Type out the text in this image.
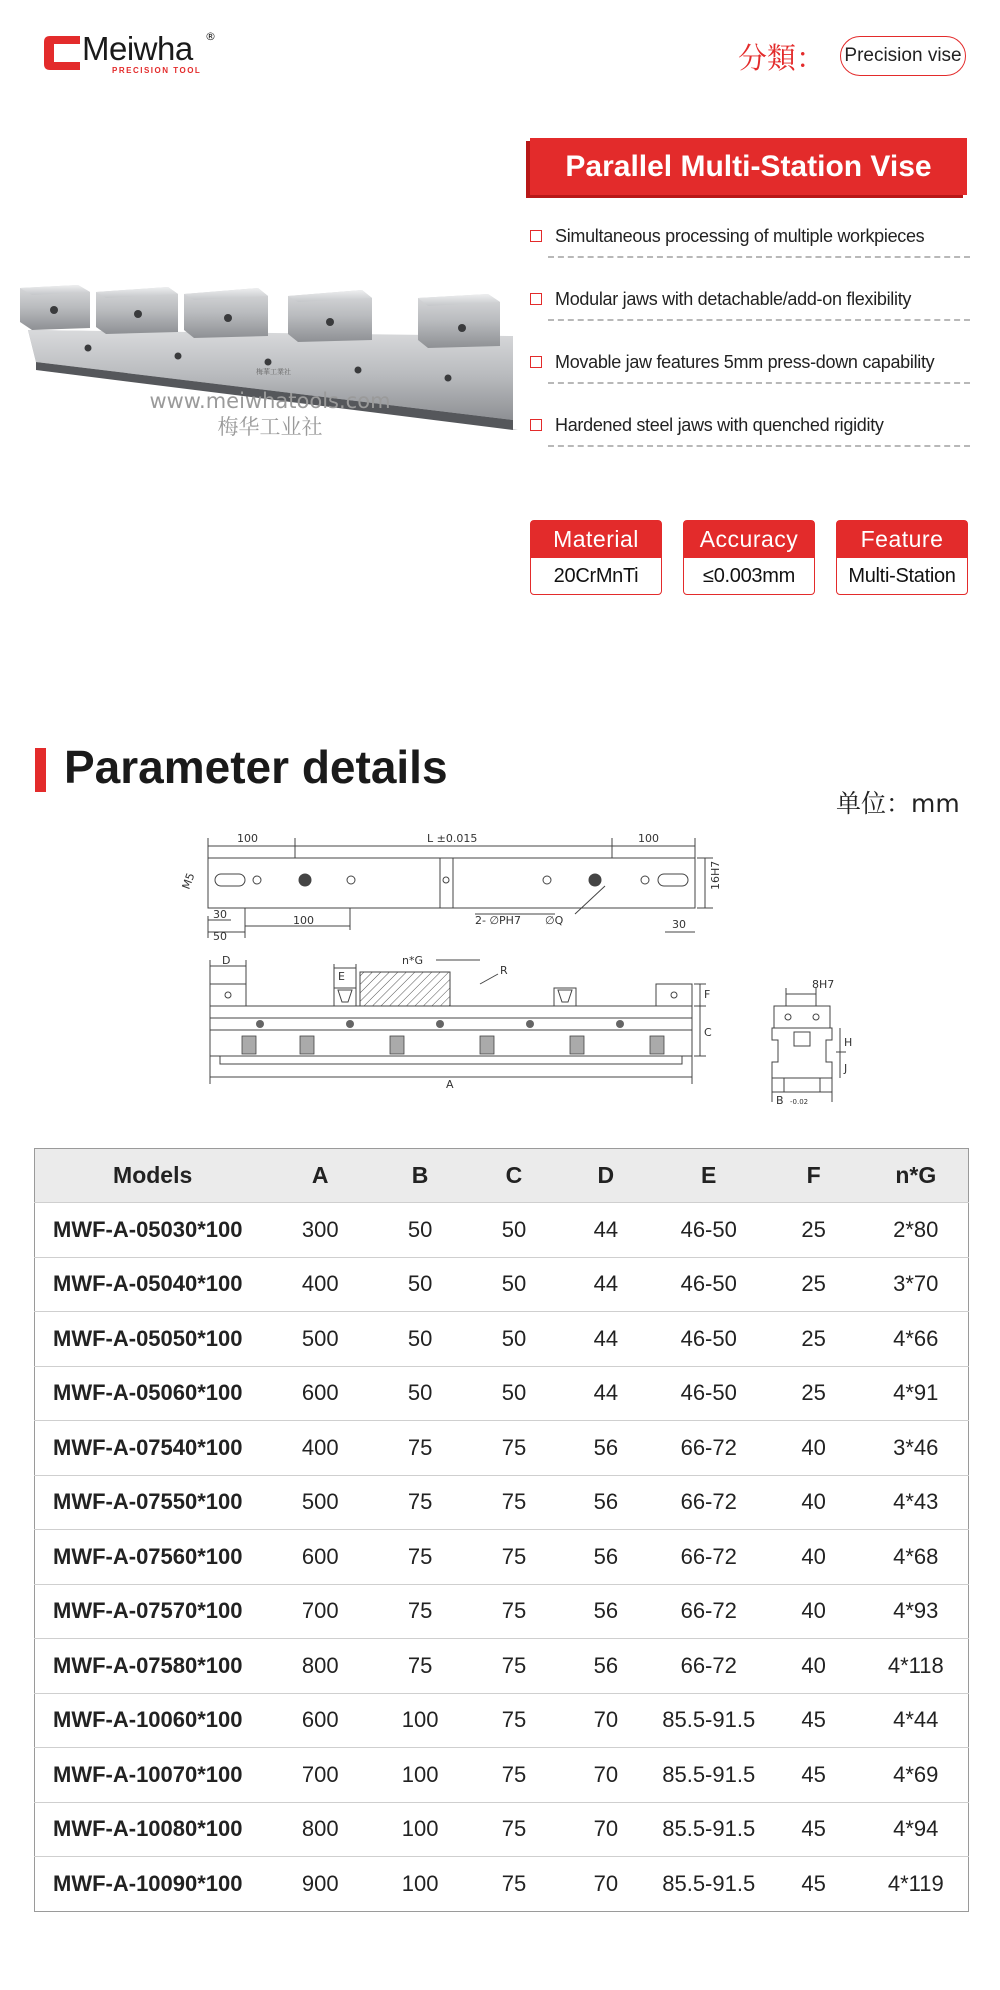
Meiwha ®
PRECISION TOOL	分類： Precision vise
梅華工業社
www.meiwhatools.com
梅华工业社
Parallel Multi-Station Vise
Simultaneous processing of multiple workpieces
Modular jaws with detachable/add-on flexibility
Movable jaw features 5mm press-down capability
Hardened steel jaws with quenched rigidity
Material
20CrMnTi
Accuracy
≤0.003mm
Feature
Multi-Station
Parameter details
单位：mm
100	L ±0.015	100
16H7
M5
30
50
100	2- ∅PH7 ∅Q	30
n*G
D
E	R
F
C
A
8H7
H
J
B -0.02
Models	A	B	C	D	E	F	n*G
MWF-A-05030*100	300	50	50	44	46-50	25	2*80
MWF-A-05040*100	400	50	50	44	46-50	25	3*70
MWF-A-05050*100	500	50	50	44	46-50	25	4*66
MWF-A-05060*100	600	50	50	44	46-50	25	4*91
MWF-A-07540*100	400	75	75	56	66-72	40	3*46
MWF-A-07550*100	500	75	75	56	66-72	40	4*43
MWF-A-07560*100	600	75	75	56	66-72	40	4*68
MWF-A-07570*100	700	75	75	56	66-72	40	4*93
MWF-A-07580*100	800	75	75	56	66-72	40	4*118
MWF-A-10060*100	600	100	75	70	85.5-91.5	45	4*44
MWF-A-10070*100	700	100	75	70	85.5-91.5	45	4*69
MWF-A-10080*100	800	100	75	70	85.5-91.5	45	4*94
MWF-A-10090*100	900	100	75	70	85.5-91.5	45	4*119
